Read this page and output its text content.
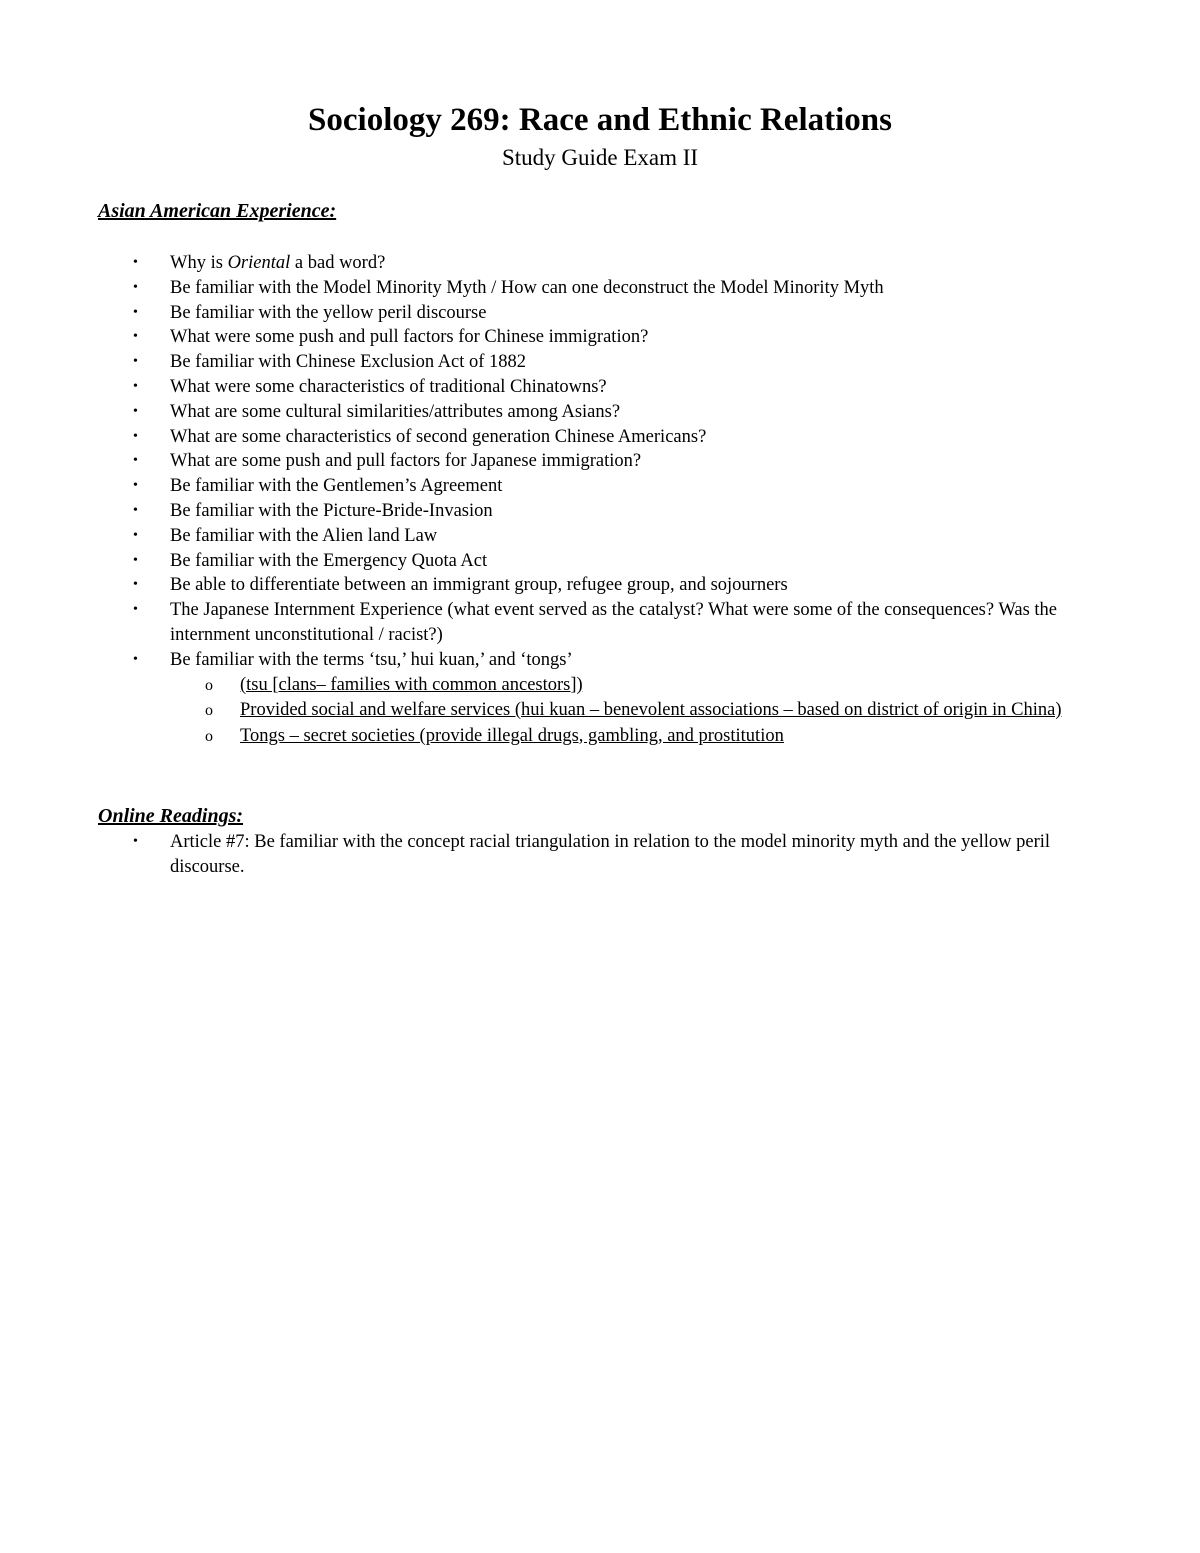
Sociology 269: Race and Ethnic Relations
Study Guide Exam II
Asian American Experience:
• Why is Oriental a bad word?
• Be familiar with the Model Minority Myth / How can one deconstruct the Model Minority Myth
• Be familiar with the yellow peril discourse
• What were some push and pull factors for Chinese immigration?
• Be familiar with Chinese Exclusion Act of 1882
• What were some characteristics of traditional Chinatowns?
• What are some cultural similarities/attributes among Asians?
• What are some characteristics of second generation Chinese Americans?
• What are some push and pull factors for Japanese immigration?
• Be familiar with the Gentlemen’s Agreement
• Be familiar with the Picture-Bride-Invasion
• Be familiar with the Alien land Law
• Be familiar with the Emergency Quota Act
• Be able to differentiate between an immigrant group, refugee group, and sojourners
• The Japanese Internment Experience (what event served as the catalyst? What were some of the consequences? Was the internment unconstitutional / racist?)
• Be familiar with the terms ‘tsu,’ hui kuan,’ and ‘tongs’
o (tsu [clans– families with common ancestors])
o Provided social and welfare services (hui kuan – benevolent associations – based on district of origin in China)
o Tongs – secret societies (provide illegal drugs, gambling, and prostitution
Online Readings:
• Article #7: Be familiar with the concept racial triangulation in relation to the model minority myth and the yellow peril discourse.
